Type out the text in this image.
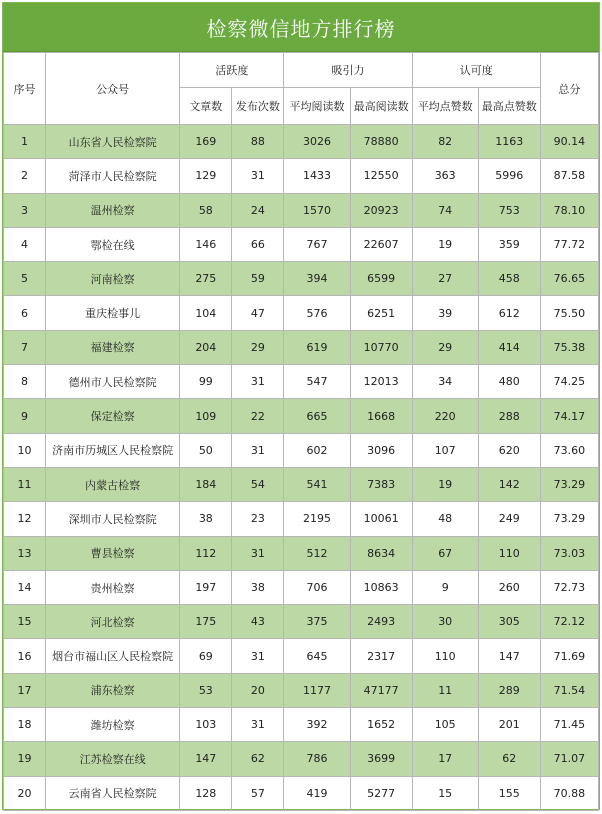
检察微信地方排行榜
序号	公众号	活跃度		吸引力		认可度		总分
		文章数	发布次数	平均阅读数	最高阅读数	平均点赞数	最高点赞数	
1	山东省人民检察院	169	88	3026	78880	82	1163	90.14
2	菏泽市人民检察院	129	31	1433	12550	363	5996	87.58
3	温州检察	58	24	1570	20923	74	753	78.10
4	鄂检在线	146	66	767	22607	19	359	77.72
5	河南检察	275	59	394	6599	27	458	76.65
6	重庆检事儿	104	47	576	6251	39	612	75.50
7	福建检察	204	29	619	10770	29	414	75.38
8	德州市人民检察院	99	31	547	12013	34	480	74.25
9	保定检察	109	22	665	1668	220	288	74.17
10	济南市历城区人民检察院	50	31	602	3096	107	620	73.60
11	内蒙古检察	184	54	541	7383	19	142	73.29
12	深圳市人民检察院	38	23	2195	10061	48	249	73.29
13	曹县检察	112	31	512	8634	67	110	73.03
14	贵州检察	197	38	706	10863	9	260	72.73
15	河北检察	175	43	375	2493	30	305	72.12
16	烟台市福山区人民检察院	69	31	645	2317	110	147	71.69
17	浦东检察	53	20	1177	47177	11	289	71.54
18	潍坊检察	103	31	392	1652	105	201	71.45
19	江苏检察在线	147	62	786	3699	17	62	71.07
20	云南省人民检察院	128	57	419	5277	15	155	70.88
